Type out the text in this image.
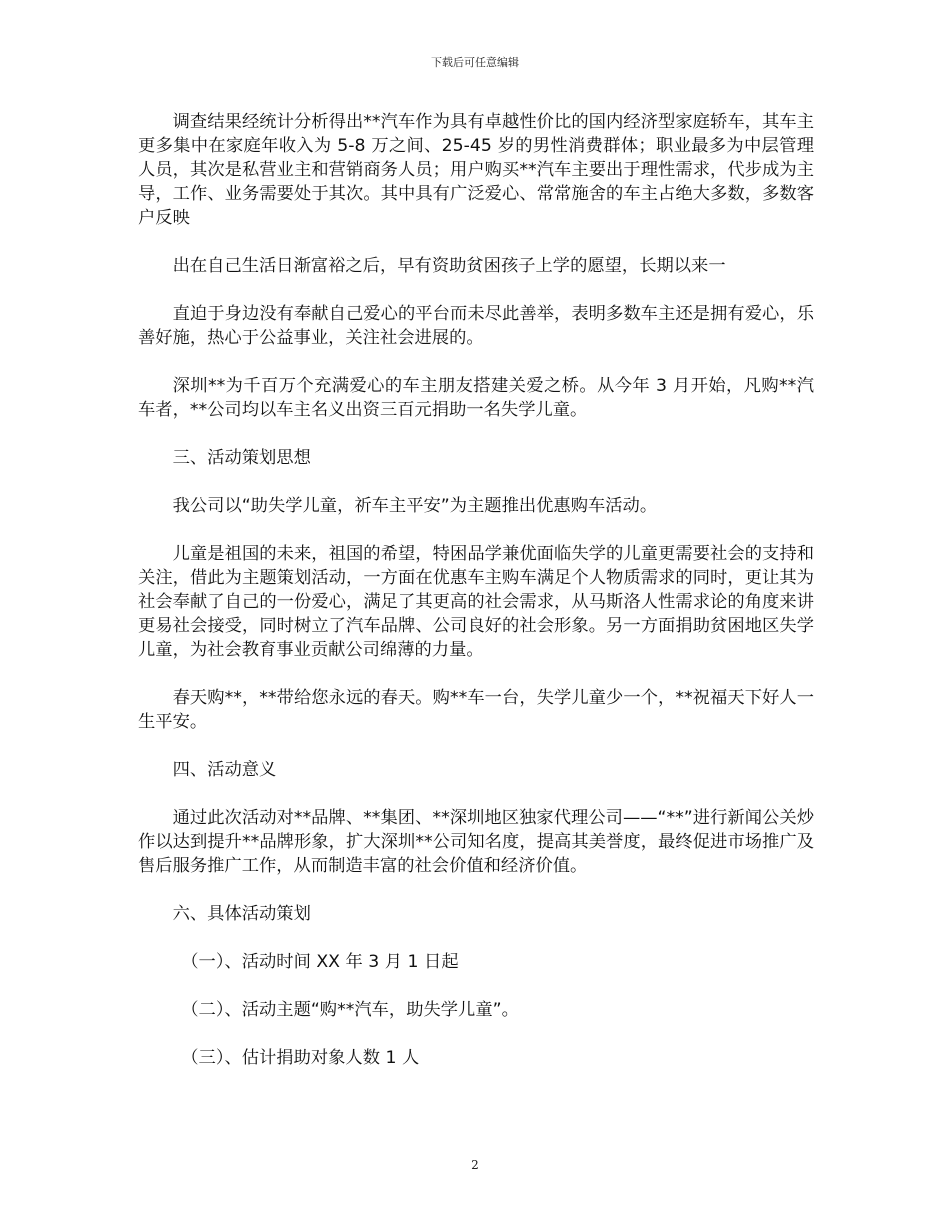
下载后可任意编辑

调查结果经统计分析得出**汽车作为具有卓越性价比的国内经济型家庭轿车，其车主更多集中在家庭年收入为 5-8 万之间、25-45 岁的男性消费群体；职业最多为中层管理人员，其次是私营业主和营销商务人员；用户购买**汽车主要出于理性需求，代步成为主导，工作、业务需要处于其次。其中具有广泛爱心、常常施舍的车主占绝大多数，多数客户反映

出在自己生活日渐富裕之后，早有资助贫困孩子上学的愿望，长期以来一

直迫于身边没有奉献自己爱心的平台而未尽此善举，表明多数车主还是拥有爱心，乐善好施，热心于公益事业，关注社会进展的。

深圳**为千百万个充满爱心的车主朋友搭建关爱之桥。从今年 3 月开始，凡购**汽车者，**公司均以车主名义出资三百元捐助一名失学儿童。

三、活动策划思想

我公司以“助失学儿童，祈车主平安”为主题推出优惠购车活动。

儿童是祖国的未来，祖国的希望，特困品学兼优面临失学的儿童更需要社会的支持和关注，借此为主题策划活动，一方面在优惠车主购车满足个人物质需求的同时，更让其为社会奉献了自己的一份爱心，满足了其更高的社会需求，从马斯洛人性需求论的角度来讲更易社会接受，同时树立了汽车品牌、公司良好的社会形象。另一方面捐助贫困地区失学儿童，为社会教育事业贡献公司绵薄的力量。

春天购**，**带给您永远的春天。购**车一台，失学儿童少一个，**祝福天下好人一生平安。

四、活动意义

通过此次活动对**品牌、**集团、**深圳地区独家代理公司——“**”进行新闻公关炒作以达到提升**品牌形象，扩大深圳**公司知名度，提高其美誉度，最终促进市场推广及售后服务推广工作，从而制造丰富的社会价值和经济价值。

六、具体活动策划

（一）、活动时间 XX 年 3 月 1 日起

（二）、活动主题“购**汽车，助失学儿童”。

（三）、估计捐助对象人数 1 人

2
